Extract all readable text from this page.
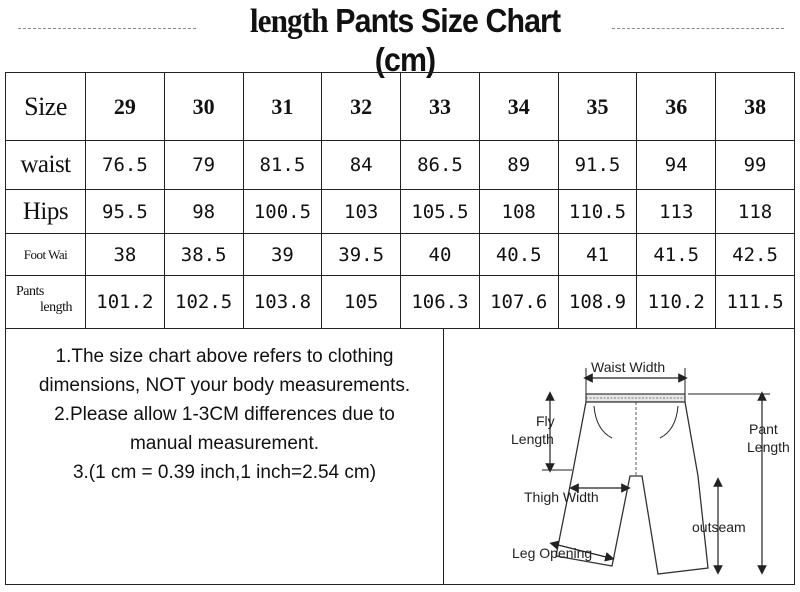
length Pants Size Chart (cm)
Size	29	30	31	32	33	34	35	36	38
waist	76.5	79	81.5	84	86.5	89	91.5	94	99
Hips	95.5	98	100.5	103	105.5	108	110.5	113	118
Foot Wai	38	38.5	39	39.5	40	40.5	41	41.5	42.5

Pants
length	101.2	102.5	103.8	105	106.3	107.6	108.9	110.2	111.5
1.The size chart above refers to clothing
dimensions, NOT your body measurements.
2.Please allow 1-3CM differences due to
manual measurement.
3.(1 cm = 0.39 inch,1 inch=2.54 cm)
Waist Width
Fly
Length
Pant
Length
Thigh Width
outseam
Leg Opening
